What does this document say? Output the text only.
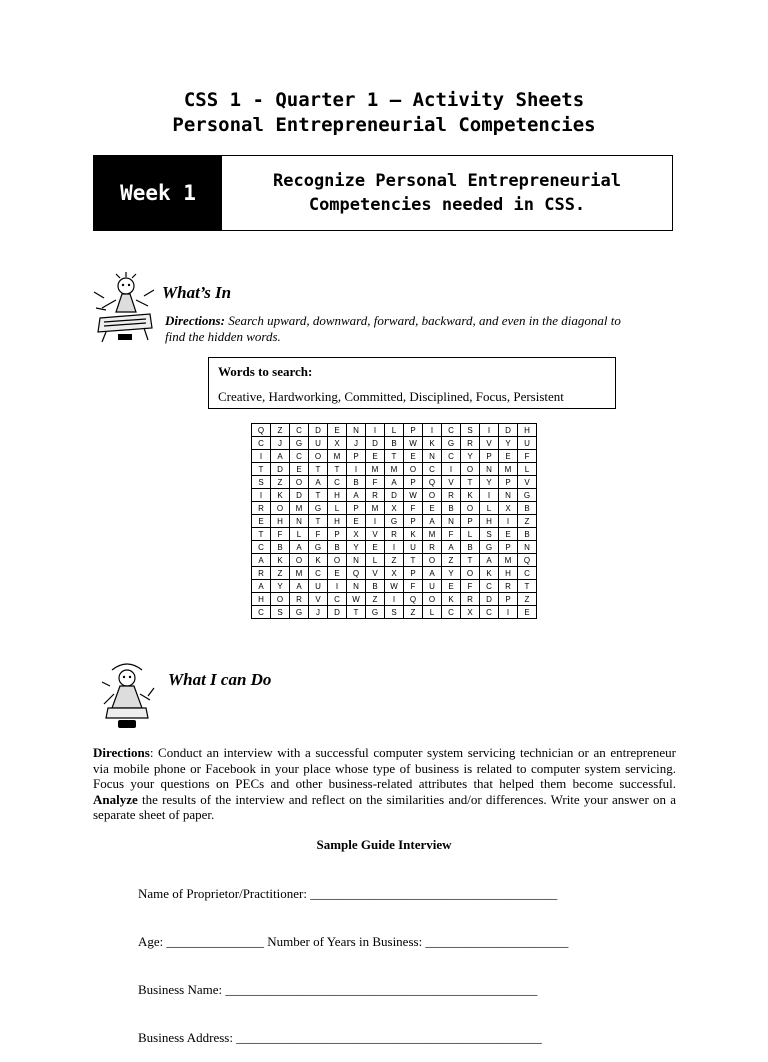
CSS 1 - Quarter 1 – Activity Sheets
Personal Entrepreneurial Competencies
Week 1	Recognize Personal Entrepreneurial
Competencies needed in CSS.
What’s In
Directions: Search upward, downward, forward, backward, and even in the diagonal to
find the hidden words.
Words to search:
Creative, Hardworking, Committed, Disciplined, Focus, Persistent
Q	Z	C	D	E	N	I	L	P	I	C	S	I	D	H
C	J	G	U	X	J	D	B	W	K	G	R	V	Y	U
I	A	C	O	M	P	E	T	E	N	C	Y	P	E	F
T	D	E	T	T	I	M	M	O	C	I	O	N	M	L
S	Z	O	A	C	B	F	A	P	Q	V	T	Y	P	V
I	K	D	T	H	A	R	D	W	O	R	K	I	N	G
R	O	M	G	L	P	M	X	F	E	B	O	L	X	B
E	H	N	T	H	E	I	G	P	A	N	P	H	I	Z
T	F	L	F	P	X	V	R	K	M	F	L	S	E	B
C	B	A	G	B	Y	E	I	U	R	A	B	G	P	N
A	K	O	K	O	N	L	Z	T	O	Z	T	A	M	Q
R	Z	M	C	E	Q	V	X	P	A	Y	O	K	H	C
A	Y	A	U	I	N	B	W	F	U	E	F	C	R	T
H	O	R	V	C	W	Z	I	Q	O	K	R	D	P	Z
C	S	G	J	D	T	G	S	Z	L	C	X	C	I	E
What I can Do
Directions: Conduct an interview with a successful computer system servicing technician or an entrepreneur via mobile phone or Facebook in your place whose type of business is related to computer system servicing. Focus your questions on PECs and other business-related attributes that helped them become successful. Analyze the results of the interview and reflect on the similarities and/or differences. Write your answer on a separate sheet of paper.
Sample Guide Interview

Name of Proprietor/Practitioner: ______________________________________

Age: _______________ Number of Years in Business: ______________________

Business Name: ________________________________________________

Business Address: _______________________________________________
